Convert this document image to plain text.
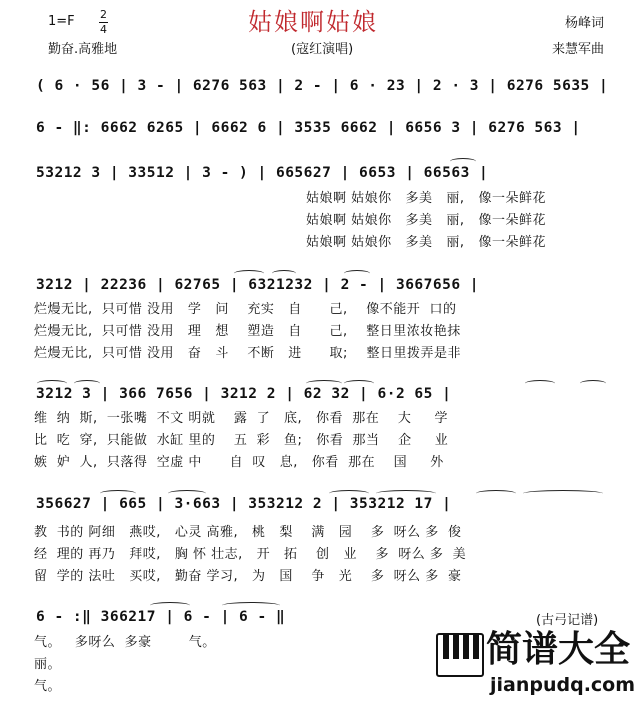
1=F 2
4	姑娘啊姑娘	杨峰词
勤奋.高雅地	(寇红演唱)	来慧军曲
( 6 · 56 | 3 - | 6276 563 | 2 - | 6 · 23 | 2 · 3 | 6276 5635 |
6 - ‖: 6662 6265 | 6662 6 | 3535 6662 | 6656 3 | 6276 563 |
53212 3 | 33512 | 3 - ) | 665627 | 6653 | 66563 |
3212 | 22236 | 62765 | 6321232 | 2 - | 3667656 |
3212 3 | 366 7656 | 3212 2 | 62 32 | 6·2 65 |
356627 | 665 | 3·663 | 353212 2 | 353212 17 |
6 - :‖ 366217 | 6 - | 6 - ‖
姑娘啊 姑娘你   多美   丽,   像一朵鲜花
姑娘啊 姑娘你   多美   丽,   像一朵鲜花
姑娘啊 姑娘你   多美   丽,   像一朵鲜花
烂熳无比,  只可惜 没用   学   问    充实   自      己,    像不能开  口的
烂熳无比,  只可惜 没用   理   想    塑造   自      己,    整日里浓妆艳抹
烂熳无比,  只可惜 没用   奋   斗    不断   进      取;    整日里拨弄是非
维  纳  斯,  一张嘴  不文 明就    露  了   底,   你看  那在    大     学
比  吃  穿,  只能做  水缸 里的    五  彩   鱼;   你看  那当    企     业
嫉  妒  人,  只落得  空虚 中      自  叹   息,   你看  那在    国     外
教  书的 阿细   燕哎,   心灵 高雅,   桃   梨    满   园    多  呀么 多  俊
经  理的 再乃   拜哎,   胸 怀 壮志,   开   拓    创   业    多  呀么 多  美
留  学的 法吐   买哎,   勤奋 学习,   为   国    争   光    多  呀么 多  豪
气。   多呀么  多豪        气。
丽。
气。
(古弓记谱)
简谱大全
jianpudq.com
